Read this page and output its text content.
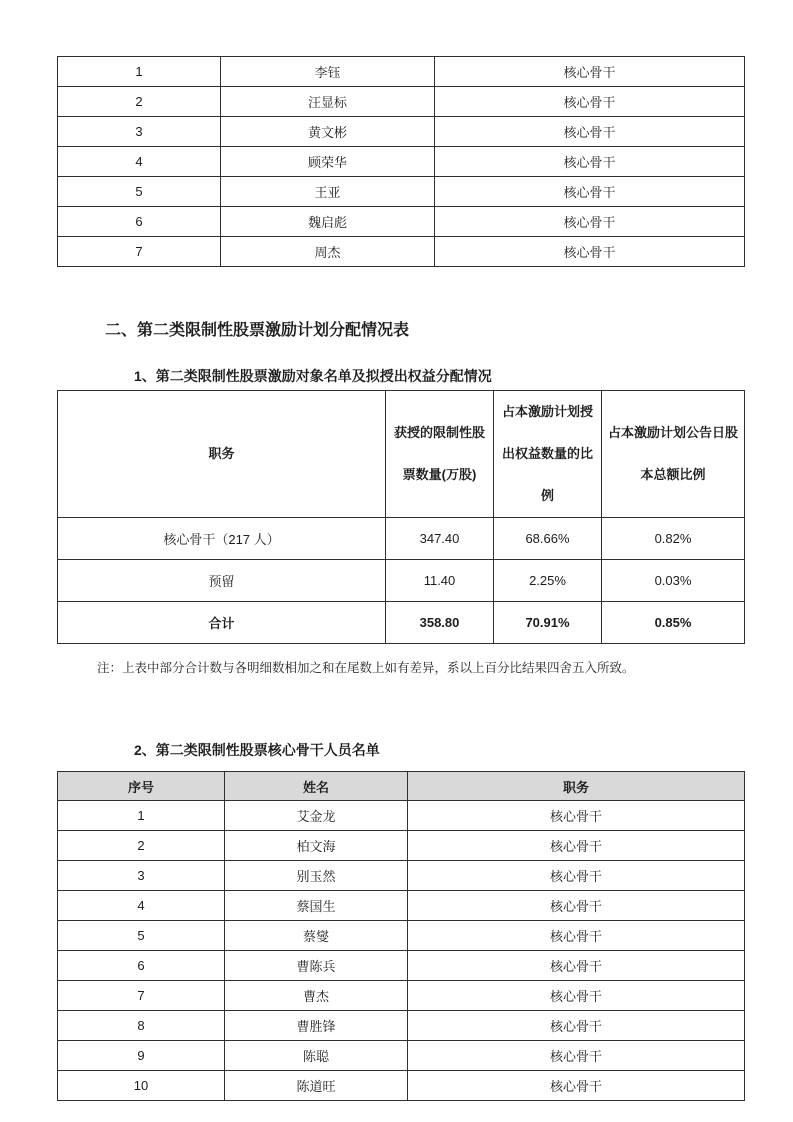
1	李钰	核心骨干
2	汪显标	核心骨干
3	黄文彬	核心骨干
4	顾荣华	核心骨干
5	王亚	核心骨干
6	魏启彪	核心骨干
7	周杰	核心骨干
二、第二类限制性股票激励计划分配情况表
1、第二类限制性股票激励对象名单及拟授出权益分配情况
职务	获授的限制性股票数量(万股)	占本激励计划授出权益数量的比例	占本激励计划公告日股本总额比例
核心骨干（217 人）	347.40	68.66%	0.82%
预留	11.40	2.25%	0.03%
合计	358.80	70.91%	0.85%
注：上表中部分合计数与各明细数相加之和在尾数上如有差异，系以上百分比结果四舍五入所致。
2、第二类限制性股票核心骨干人员名单
序号	姓名	职务
1	艾金龙	核心骨干
2	柏文海	核心骨干
3	别玉然	核心骨干
4	蔡国生	核心骨干
5	蔡燮	核心骨干
6	曹陈兵	核心骨干
7	曹杰	核心骨干
8	曹胜锋	核心骨干
9	陈聪	核心骨干
10	陈道旺	核心骨干
